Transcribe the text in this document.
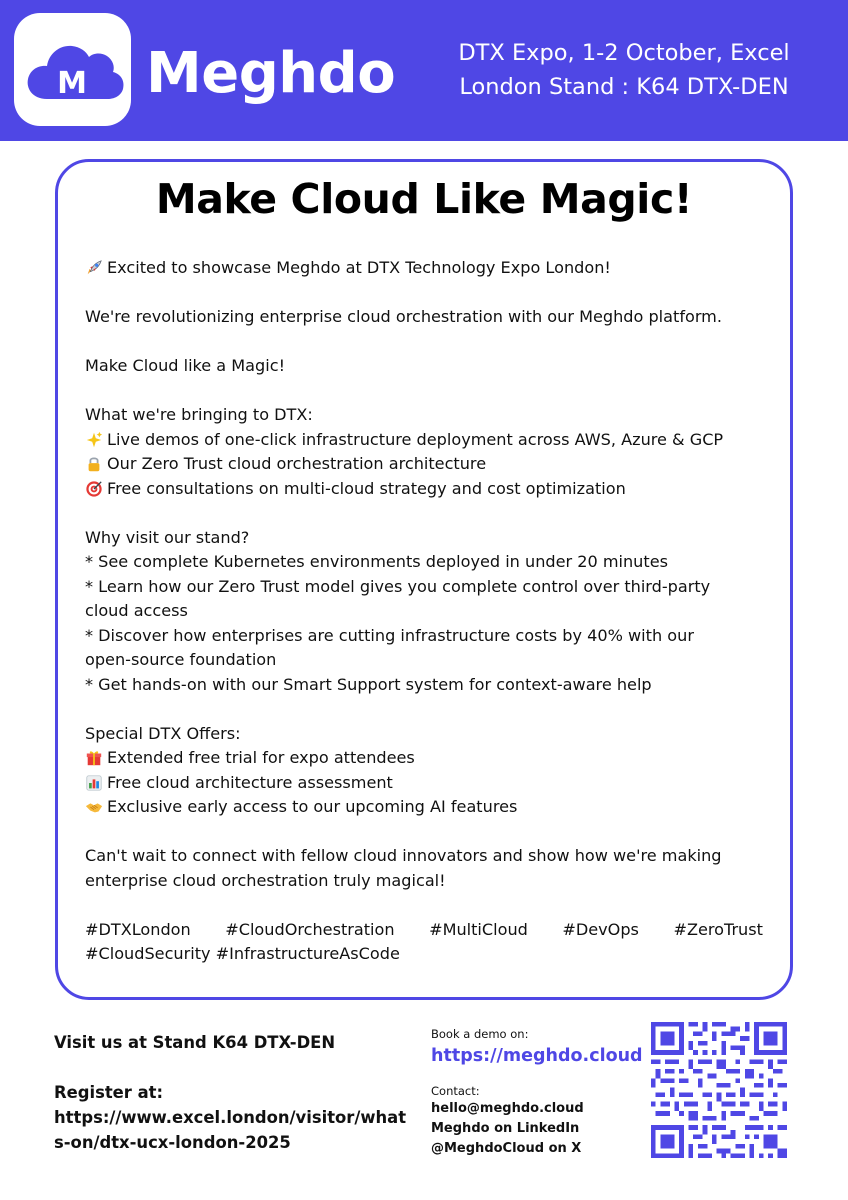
M Meghdo	DTX Expo, 1-2 October, Excel
London Stand : K64 DTX-DEN
Make Cloud Like Magic!
Excited to showcase Meghdo at DTX Technology Expo London!
We're revolutionizing enterprise cloud orchestration with our Meghdo platform.
Make Cloud like a Magic!
What we're bringing to DTX:
Live demos of one-click infrastructure deployment across AWS, Azure & GCP
Our Zero Trust cloud orchestration architecture
Free consultations on multi-cloud strategy and cost optimization
Why visit our stand?
* See complete Kubernetes environments deployed in under 20 minutes
* Learn how our Zero Trust model gives you complete control over third-party
cloud access
* Discover how enterprises are cutting infrastructure costs by 40% with our
open-source foundation
* Get hands-on with our Smart Support system for context-aware help
Special DTX Offers:
Extended free trial for expo attendees
Free cloud architecture assessment
Exclusive early access to our upcoming AI features
Can't wait to connect with fellow cloud innovators and show how we're making
enterprise cloud orchestration truly magical!
#DTXLondon #CloudOrchestration #MultiCloud #DevOps #ZeroTrust
#CloudSecurity #InfrastructureAsCode
Visit us at Stand K64 DTX-DEN
Register at:
https://www.excel.london/visitor/what
s-on/dtx-ucx-london-2025
Book a demo on:
https://meghdo.cloud
Contact:
hello@meghdo.cloud
Meghdo on LinkedIn
@MeghdoCloud on X
